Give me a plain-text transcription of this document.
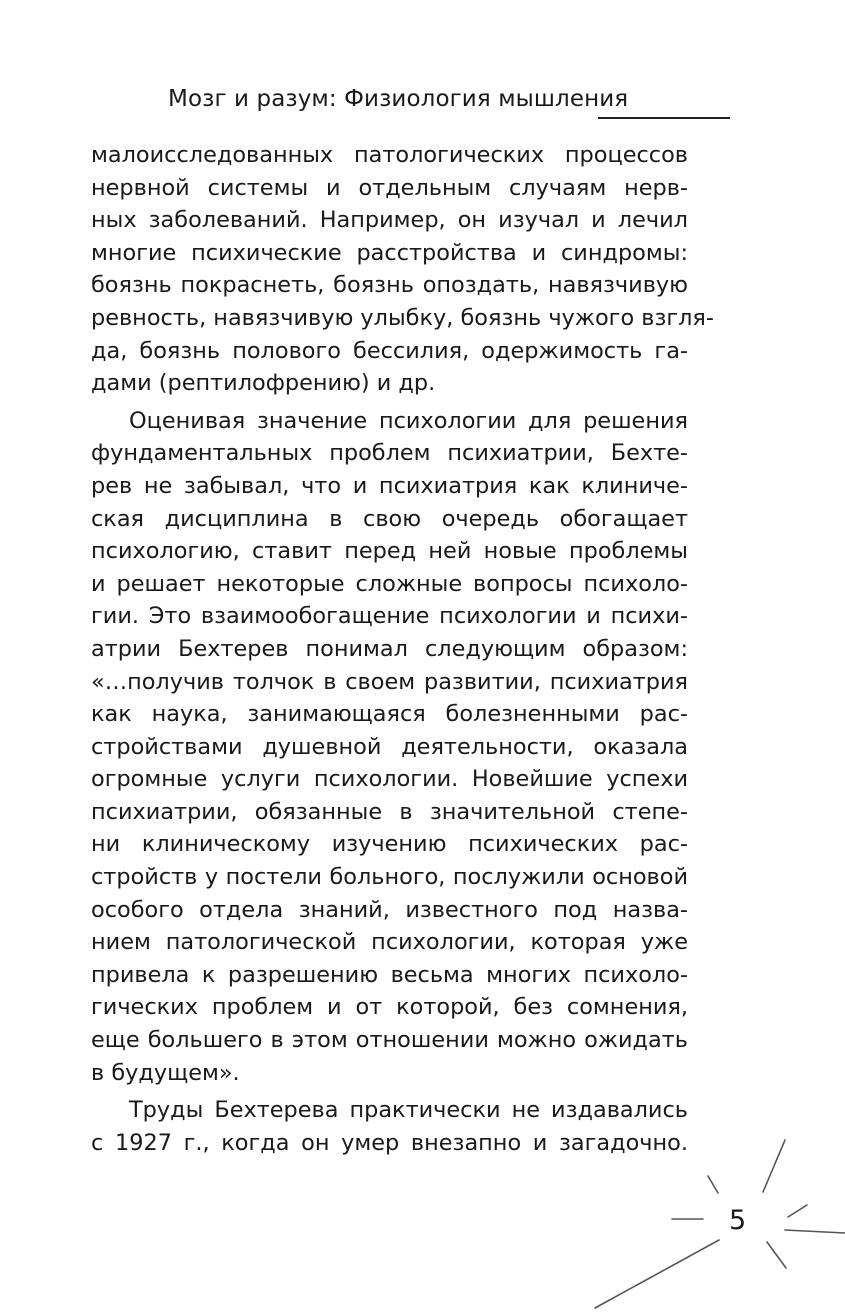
Мозг и разум: Физиология мышления

малоисследованных патологических процессов

нервной системы и отдельным случаям нерв-

ных заболеваний. Например, он изучал и лечил

многие психические расстройства и синдромы:

боязнь покраснеть, боязнь опоздать, навязчивую

ревность, навязчивую улыбку, боязнь чужого взгля-

да, боязнь полового бессилия, одержимость га-

дами (рептилофрению) и др.

Оценивая значение психологии для решения

фундаментальных проблем психиатрии, Бехте-

рев не забывал, что и психиатрия как клиниче-

ская дисциплина в свою очередь обогащает

психологию, ставит перед ней новые проблемы

и решает некоторые сложные вопросы психоло-

гии. Это взаимообогащение психологии и психи-

атрии Бехтерев понимал следующим образом:

«…получив толчок в своем развитии, психиатрия

как наука, занимающаяся болезненными рас-

стройствами душевной деятельности, оказала

огромные услуги психологии. Новейшие успехи

психиатрии, обязанные в значительной степе-

ни клиническому изучению психических рас-

стройств у постели больного, послужили основой

особого отдела знаний, известного под назва-

нием патологической психологии, которая уже

привела к разрешению весьма многих психоло-

гических проблем и от которой, без сомнения,

еще большего в этом отношении можно ожидать

в будущем».

Труды Бехтерева практически не издавались

с 1927 г., когда он умер внезапно и загадочно.

5
